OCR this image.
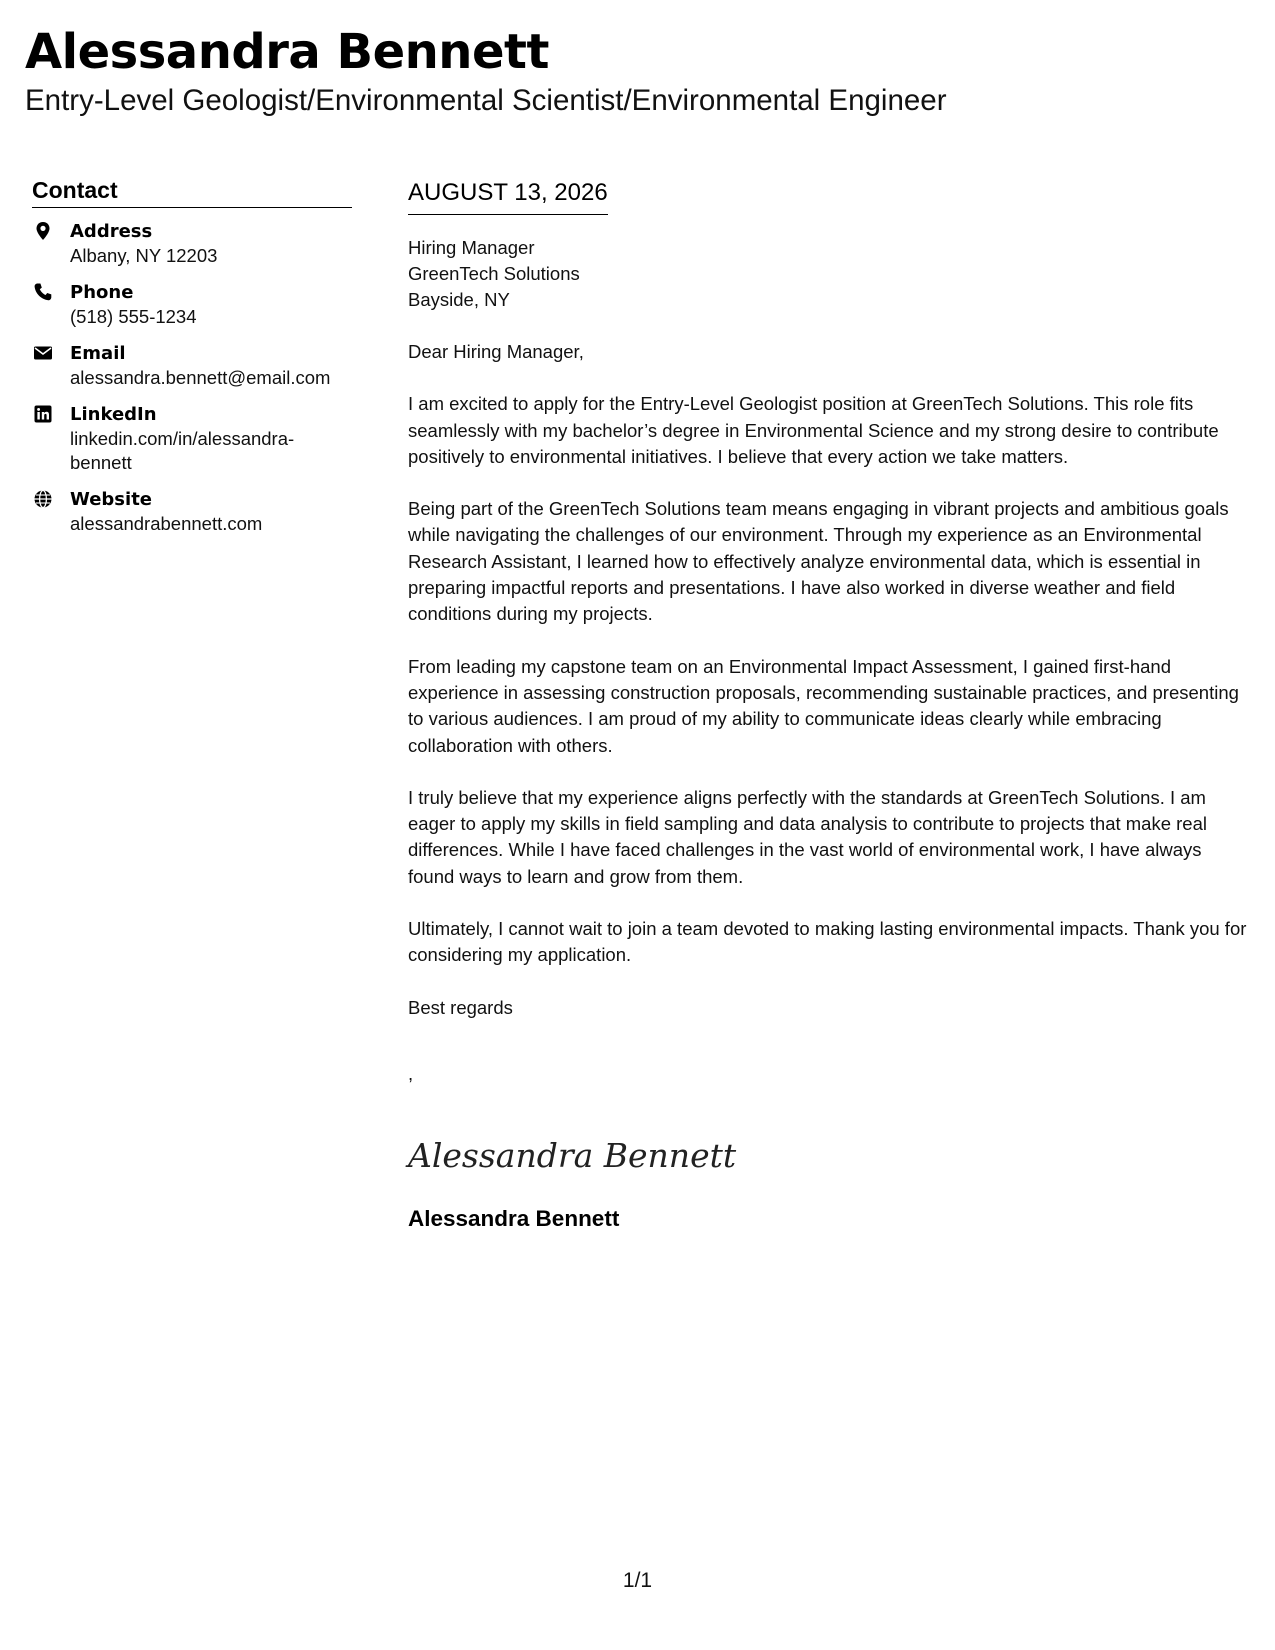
Alessandra Bennett
Entry-Level Geologist/Environmental Scientist/Environmental Engineer
Contact
Address
Albany, NY 12203
Phone
(518) 555-1234
Email
alessandra.bennett@email.com
LinkedIn
linkedin.com/in/alessandra-bennett
Website
alessandrabennett.com
AUGUST 13, 2026
Hiring Manager
GreenTech Solutions
Bayside, NY

Dear Hiring Manager,

I am excited to apply for the Entry-Level Geologist position at GreenTech Solutions. This role fits seamlessly with my bachelor’s degree in Environmental Science and my strong desire to contribute positively to environmental initiatives. I believe that every action we take matters.

Being part of the GreenTech Solutions team means engaging in vibrant projects and ambitious goals while navigating the challenges of our environment. Through my experience as an Environmental Research Assistant, I learned how to effectively analyze environmental data, which is essential in preparing impactful reports and presentations. I have also worked in diverse weather and field conditions during my projects.

From leading my capstone team on an Environmental Impact Assessment, I gained first-hand experience in assessing construction proposals, recommending sustainable practices, and presenting to various audiences. I am proud of my ability to communicate ideas clearly while embracing collaboration with others.

I truly believe that my experience aligns perfectly with the standards at GreenTech Solutions. I am eager to apply my skills in field sampling and data analysis to contribute to projects that make real differences. While I have faced challenges in the vast world of environmental work, I have always found ways to learn and grow from them.

Ultimately, I cannot wait to join a team devoted to making lasting environmental impacts. Thank you for considering my application.

Best regards

,
Alessandra Bennett
Alessandra Bennett
1/1
